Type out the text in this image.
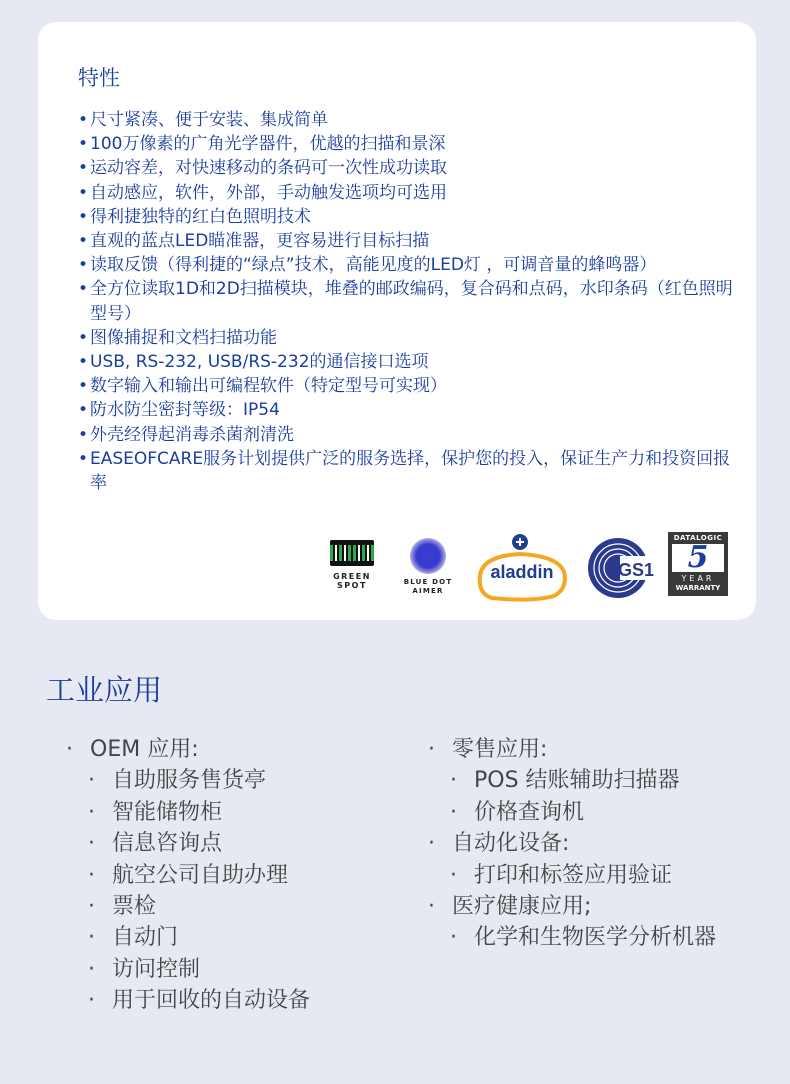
特性
• 尺寸紧凑、便于安装、集成简单
• 100万像素的广角光学器件，优越的扫描和景深
• 运动容差，对快速移动的条码可一次性成功读取
• 自动感应，软件，外部，手动触发选项均可选用
• 得利捷独特的红白色照明技术
• 直观的蓝点LED瞄准器，更容易进行目标扫描
• 读取反馈（得利捷的“绿点”技术，高能见度的LED灯 ，可调音量的蜂鸣器）
• 全方位读取1D和2D扫描模块，堆叠的邮政编码，复合码和点码，水印条码（红色照明型号）
• 图像捕捉和文档扫描功能
• USB, RS-232, USB/RS-232的通信接口选项
• 数字输入和输出可编程软件（特定型号可实现）
• 防水防尘密封等级：IP54
• 外壳经得起消毒杀菌剂清洗
• EASEOFCARE服务计划提供广泛的服务选择，保护您的投入，保证生产力和投资回报率
GREEN
SPOT	BLUE DOT
AIMER
aladdin	GS1
DATALOGIC
5
YEAR
WARRANTY
工业应用
· OEM 应用:
· 自助服务售货亭
· 智能储物柜
· 信息咨询点
· 航空公司自助办理
· 票检
· 自动门
· 访问控制
· 用于回收的自动设备
· 零售应用:
· POS 结账辅助扫描器
· 价格查询机
· 自动化设备:
· 打印和标签应用验证
· 医疗健康应用;
· 化学和生物医学分析机器
